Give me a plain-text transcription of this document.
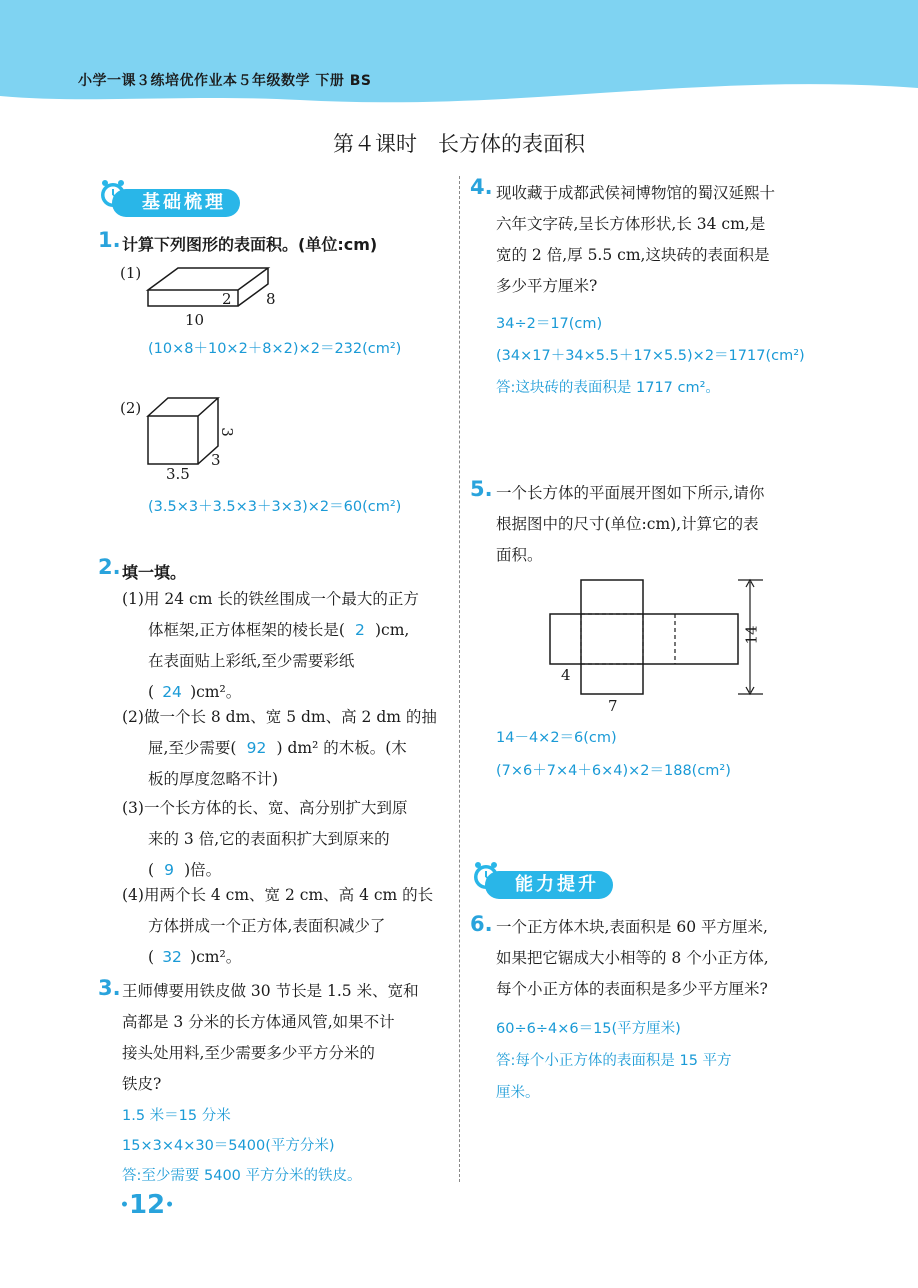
小学一课３练培优作业本５年级数学 下册 BS
第４课时　长方体的表面积
基础梳理
1. 计算下列图形的表面积。(单位:cm)
(1)
10
2 8
(10×8＋10×2＋8×2)×2＝232(cm²)
(2)
3.5
3
3
(3.5×3＋3.5×3＋3×3)×2＝60(cm²)
2. 填一填。
(1)用 24 cm 长的铁丝围成一个最大的正方
体框架,正方体框架的棱长是( 2 )cm,
在表面贴上彩纸,至少需要彩纸
( 24 )cm²。
(2)做一个长 8 dm、宽 5 dm、高 2 dm 的抽
屉,至少需要( 92 ) dm² 的木板。(木
板的厚度忽略不计)
(3)一个长方体的长、宽、高分别扩大到原
来的 3 倍,它的表面积扩大到原来的
( 9 )倍。
(4)用两个长 4 cm、宽 2 cm、高 4 cm 的长
方体拼成一个正方体,表面积减少了
( 32 )cm²。
3. 王师傅要用铁皮做 30 节长是 1.5 米、宽和
高都是 3 分米的长方体通风管,如果不计
接头处用料,至少需要多少平方分米的
铁皮?
1.5 米＝15 分米
15×3×4×30＝5400(平方分米)
答:至少需要 5400 平方分米的铁皮。
4. 现收藏于成都武侯祠博物馆的蜀汉延熙十
六年文字砖,呈长方体形状,长 34 cm,是
宽的 2 倍,厚 5.5 cm,这块砖的表面积是
多少平方厘米?
34÷2＝17(cm)
(34×17＋34×5.5＋17×5.5)×2＝1717(cm²)
答:这块砖的表面积是 1717 cm²。
5. 一个长方体的平面展开图如下所示,请你
根据图中的尺寸(单位:cm),计算它的表
面积。
14
4
7
14－4×2＝6(cm)
(7×6＋7×4＋6×4)×2＝188(cm²)
能力提升
6. 一个正方体木块,表面积是 60 平方厘米,
如果把它锯成大小相等的 8 个小正方体,
每个小正方体的表面积是多少平方厘米?
60÷6÷4×6＝15(平方厘米)
答:每个小正方体的表面积是 15 平方
厘米。
•12•
